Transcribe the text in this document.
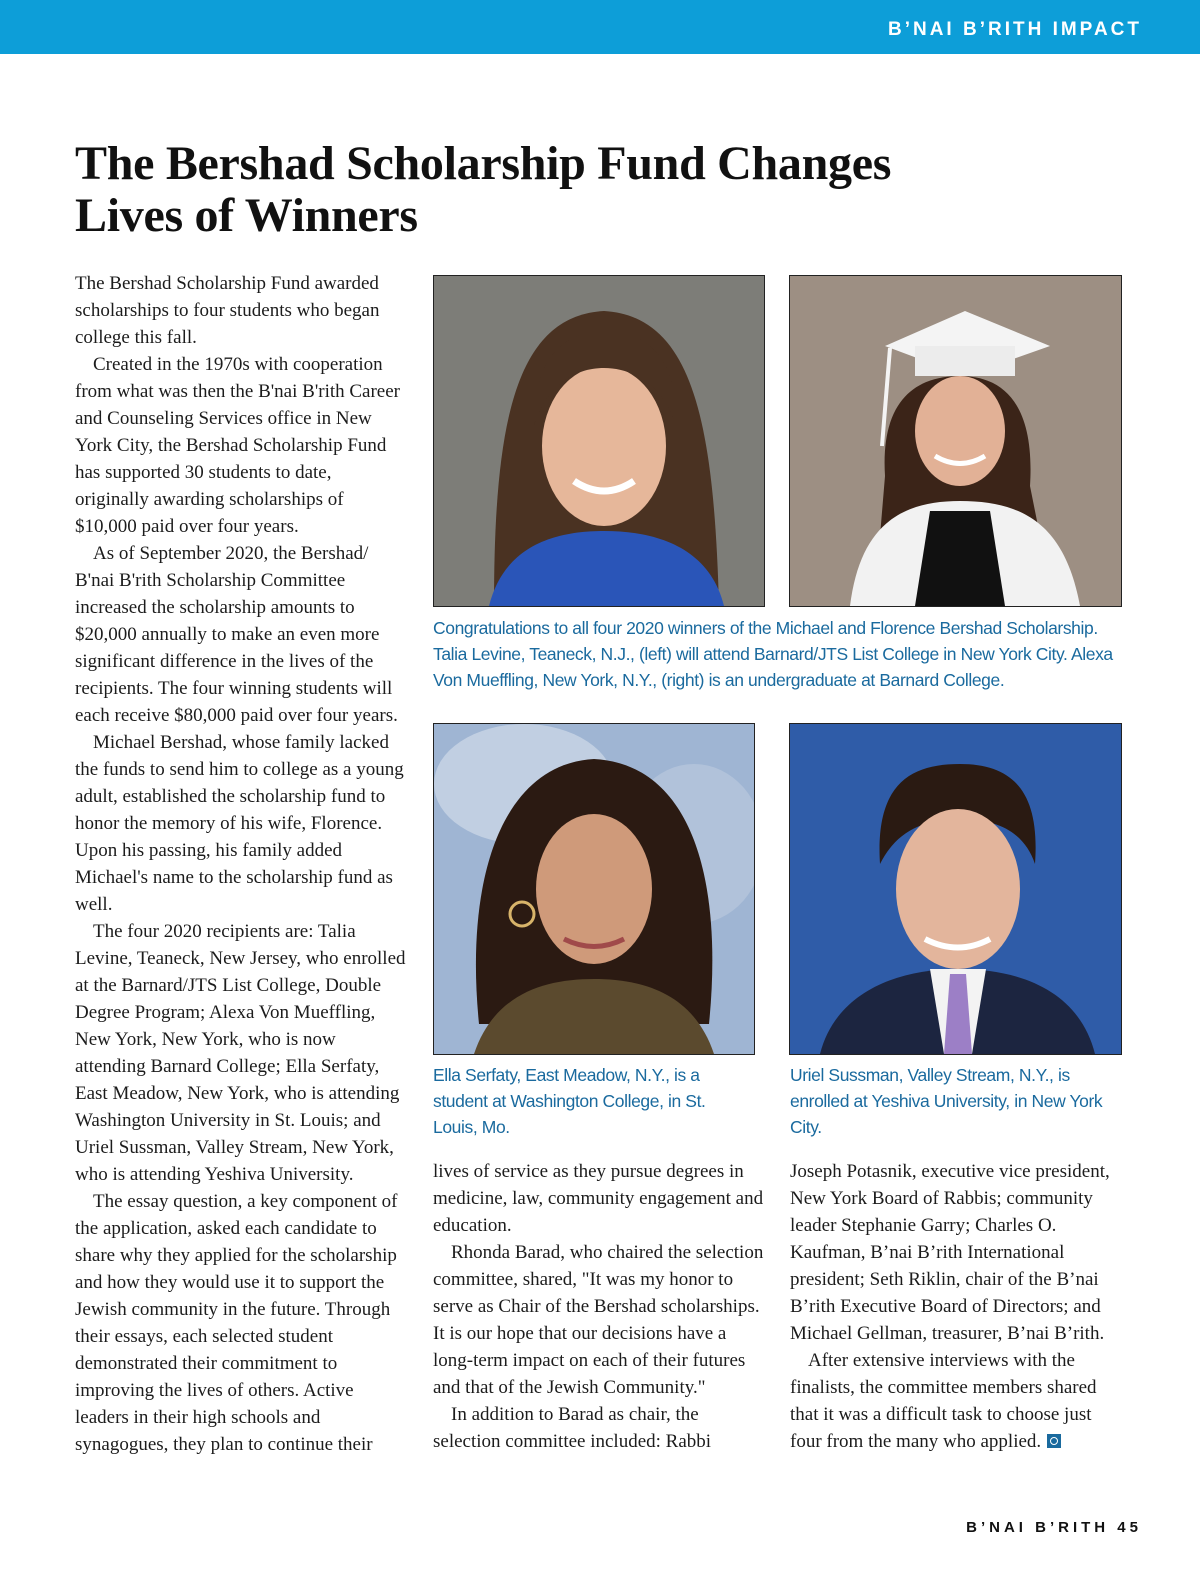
B’NAI B’RITH IMPACT
The Bershad Scholarship Fund Changes Lives of Winners

The Bershad Scholarship Fund awarded scholarships to four students who began college this fall.

Created in the 1970s with cooperation from what was then the B'nai B'rith Career and Counseling Services office in New York City, the Bershad Scholarship Fund has supported 30 students to date, originally awarding scholarships of $10,000 paid over four years.

As of September 2020, the Bershad/ B'nai B'rith Scholarship Committee increased the scholarship amounts to $20,000 annually to make an even more significant difference in the lives of the recipients. The four winning students will each receive $80,000 paid over four years.

Michael Bershad, whose family lacked the funds to send him to college as a young adult, established the scholarship fund to honor the memory of his wife, Florence. Upon his passing, his family added Michael's name to the scholarship fund as well.

The four 2020 recipients are: Talia Levine, Teaneck, New Jersey, who enrolled at the Barnard/JTS List College, Double Degree Program; Alexa Von Mueffling, New York, New York, who is now attending Barnard College; Ella Serfaty, East Meadow, New York, who is attending Washington University in St. Louis; and Uriel Sussman, Valley Stream, New York, who is attending Yeshiva University.

The essay question, a key component of the application, asked each candidate to share why they applied for the scholarship and how they would use it to support the Jewish community in the future. Through their essays, each selected student demonstrated their commitment to improving the lives of others. Active leaders in their high schools and synagogues, they plan to continue their

Congratulations to all four 2020 winners of the Michael and Florence Bershad Scholarship. Talia Levine, Teaneck, N.J., (left) will attend Barnard/JTS List College in New York City. Alexa Von Mueffling, New York, N.Y., (right) is an undergraduate at Barnard College.
Ella Serfaty, East Meadow, N.Y., is a student at Washington College, in St. Louis, Mo.
Uriel Sussman, Valley Stream, N.Y., is enrolled at Yeshiva University, in New York City.

lives of service as they pursue degrees in medicine, law, community engagement and education.

Rhonda Barad, who chaired the selection committee, shared, "It was my honor to serve as Chair of the Bershad scholarships. It is our hope that our decisions have a long-term impact on each of their futures and that of the Jewish Community."

In addition to Barad as chair, the selection committee included: Rabbi

Joseph Potasnik, executive vice president, New York Board of Rabbis; community leader Stephanie Garry; Charles O. Kaufman, B’nai B’rith International president; Seth Riklin, chair of the B’nai B’rith Executive Board of Directors; and Michael Gellman, treasurer, B’nai B’rith.

After extensive interviews with the finalists, the committee members shared that it was a difficult task to choose just four from the many who applied.

B’NAI B’RITH 45
